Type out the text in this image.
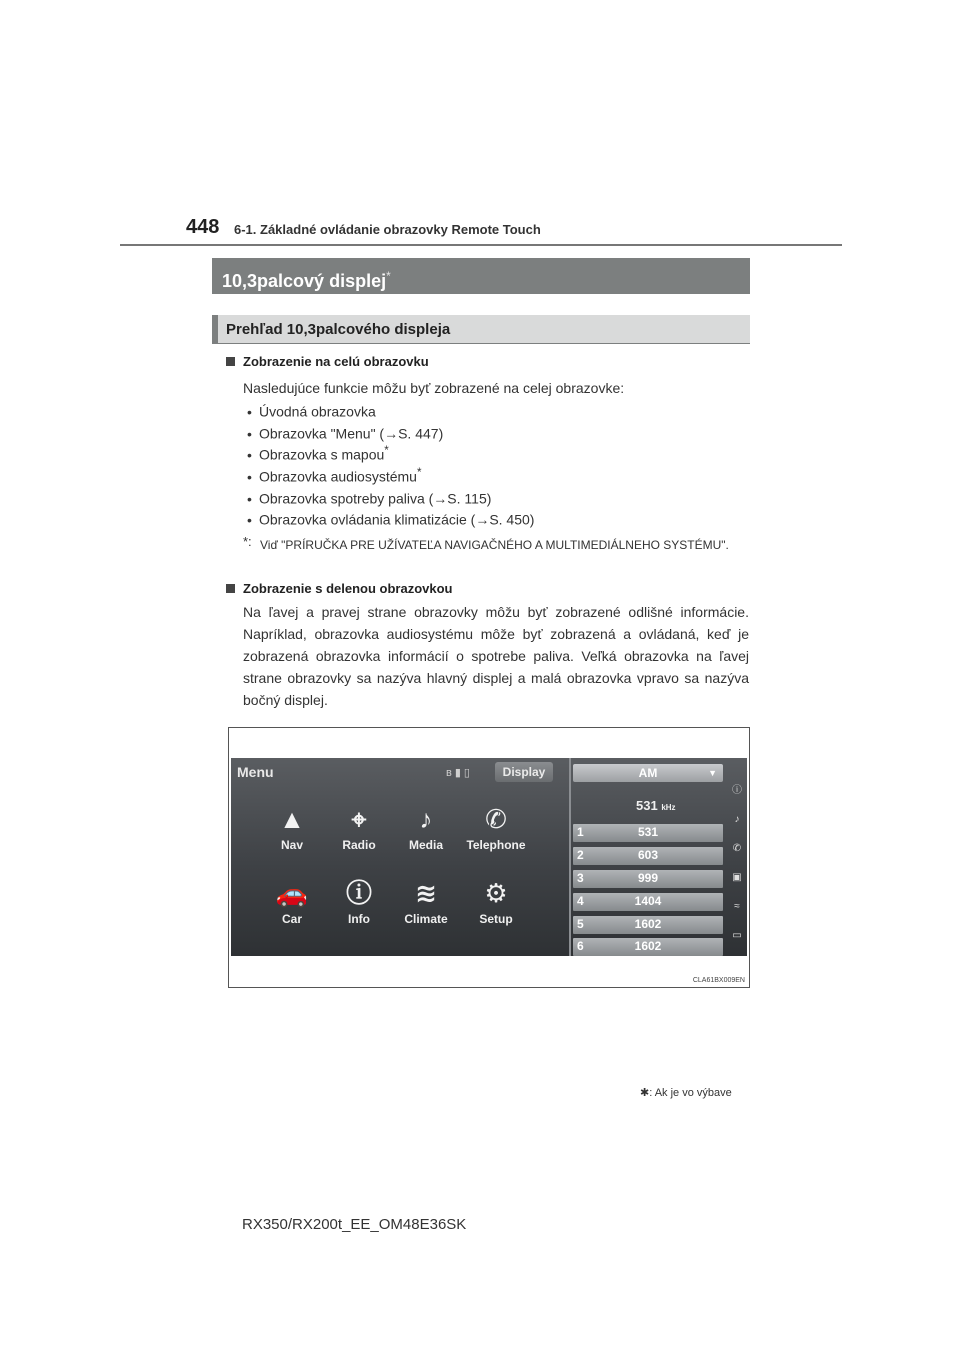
448 6-1. Základné ovládanie obrazovky Remote Touch
10,3palcový displej*
Prehľad 10,3palcového displeja
Zobrazenie na celú obrazovku
Nasledujúce funkcie môžu byť zobrazené na celej obrazovke:
• Úvodná obrazovka
• Obrazovka "Menu" (→S. 447)
• Obrazovka s mapou*
• Obrazovka audiosystému*
• Obrazovka spotreby paliva (→S. 115)
• Obrazovka ovládania klimatizácie (→S. 450)
*: Viď "PRÍRUČKA PRE UŽÍVATEĽA NAVIGAČNÉHO A MULTIMEDIÁLNEHO SYSTÉMU".
Zobrazenie s delenou obrazovkou
Na ľavej a pravej strane obrazovky môžu byť zobrazené odlišné informácie. Napríklad, obrazovka audiosystému môže byť zobrazená a ovládaná, keď je zobrazená obrazovka informácií o spotrebe paliva. Veľká obrazovka na ľavej strane obrazovky sa nazýva hlavný displej a malá obrazovka vpravo sa nazýva bočný displej.
Menu	ʙ▮▯	Display
▲
Nav
⌖
Radio
♪
Media
✆
Telephone
🚗
Car
ⓘ
Info
≋
Climate
⚙
Setup
AM	▼
531 kHz
1	531
2	603
3	999
4	1404
5	1602
6	1602
ⓘ
♪
✆
▣
≈
▭
CLA61BX009EN
✱: Ak je vo výbave
RX350/RX200t_EE_OM48E36SK
